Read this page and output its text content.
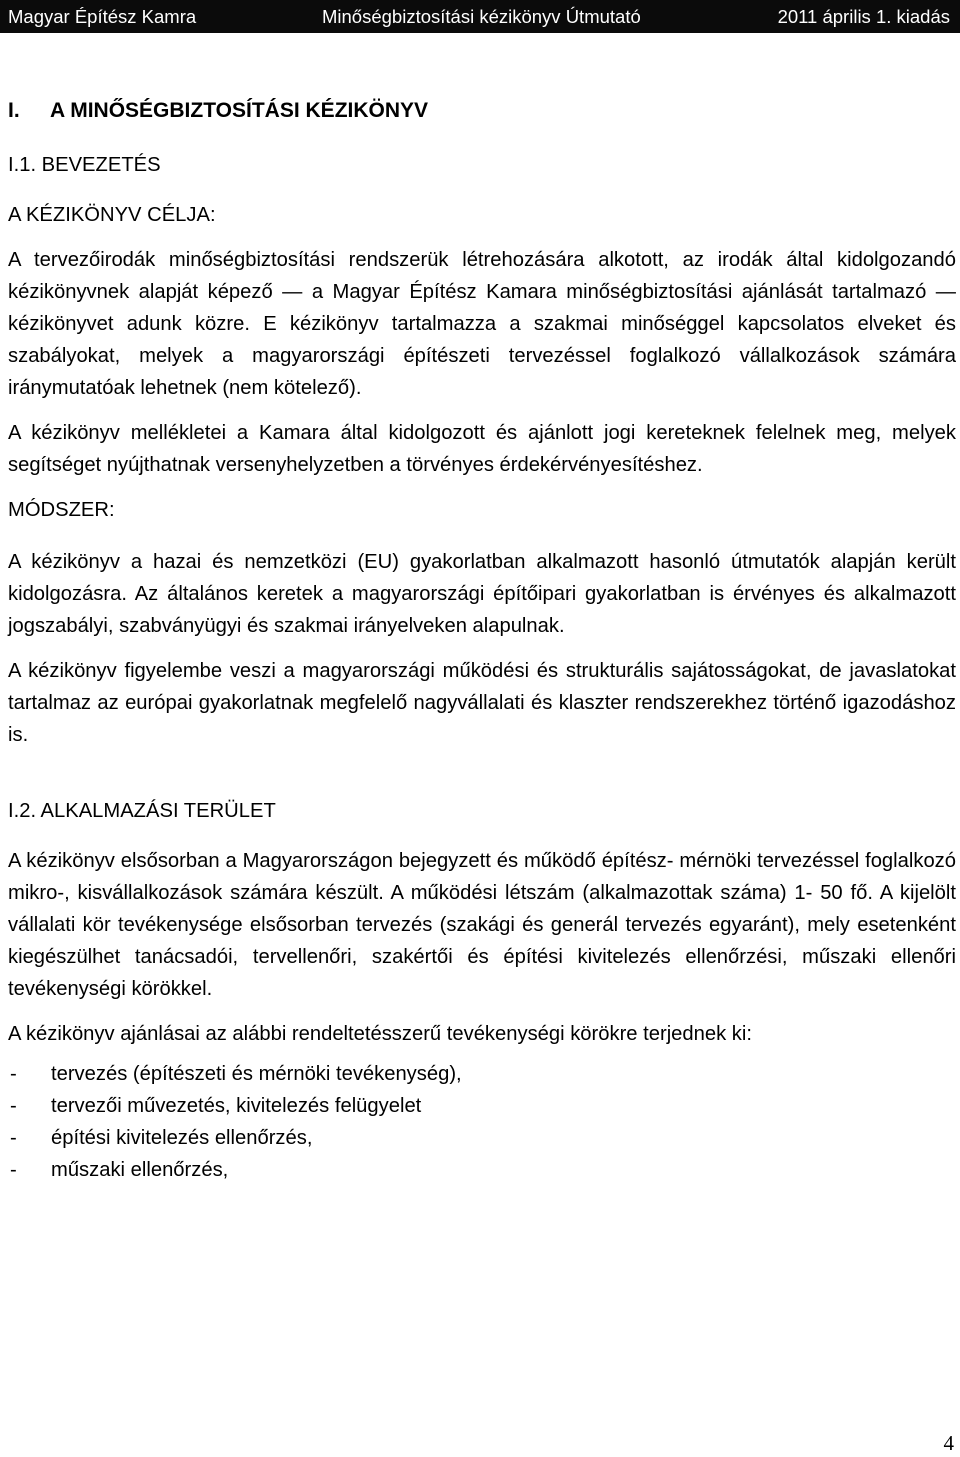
Magyar Építész Kamra	Minőségbiztosítási kézikönyv Útmutató	2011 április 1. kiadás
I. A MINŐSÉGBIZTOSÍTÁSI KÉZIKÖNYV
I.1. BEVEZETÉS

A KÉZIKÖNYV CÉLJA:

A tervezőirodák minőségbiztosítási rendszerük létrehozására alkotott, az irodák által kidolgozandó kézikönyvnek alapját képező — a Magyar Építész Kamara minőségbiztosítási ajánlását tartalmazó — kézikönyvet adunk közre. E kézikönyv tartalmazza a szakmai minőséggel kapcsolatos elveket és szabályokat, melyek a magyarországi építészeti tervezéssel foglalkozó vállalkozások számára iránymutatóak lehetnek (nem kötelező).

A kézikönyv mellékletei a Kamara által kidolgozott és ajánlott jogi kereteknek felelnek meg, melyek segítséget nyújthatnak versenyhelyzetben a törvényes érdekérvényesítéshez.

MÓDSZER:

A kézikönyv a hazai és nemzetközi (EU) gyakorlatban alkalmazott hasonló útmutatók alapján került kidolgozásra. Az általános keretek a magyarországi építőipari gyakorlatban is érvényes és alkalmazott jogszabályi, szabványügyi és szakmai irányelveken alapulnak.

A kézikönyv figyelembe veszi a magyarországi működési és strukturális sajátosságokat, de javaslatokat tartalmaz az európai gyakorlatnak megfelelő nagyvállalati és klaszter rendszerekhez történő igazodáshoz is.

I.2. ALKALMAZÁSI TERÜLET

A kézikönyv elsősorban a Magyarországon bejegyzett és működő építész- mérnöki tervezéssel foglalkozó mikro-, kisvállalkozások számára készült. A működési létszám (alkalmazottak száma) 1- 50 fő. A kijelölt vállalati kör tevékenysége elsősorban tervezés (szakági és generál tervezés egyaránt), mely esetenként kiegészülhet tanácsadói, tervellenőri, szakértői és építési kivitelezés ellenőrzési, műszaki ellenőri tevékenységi körökkel.

A kézikönyv ajánlásai az alábbi rendeltetésszerű tevékenységi körökre terjednek ki:

- tervezés (építészeti és mérnöki tevékenység),
- tervezői művezetés, kivitelezés felügyelet
- építési kivitelezés ellenőrzés,
- műszaki ellenőrzés,
4
